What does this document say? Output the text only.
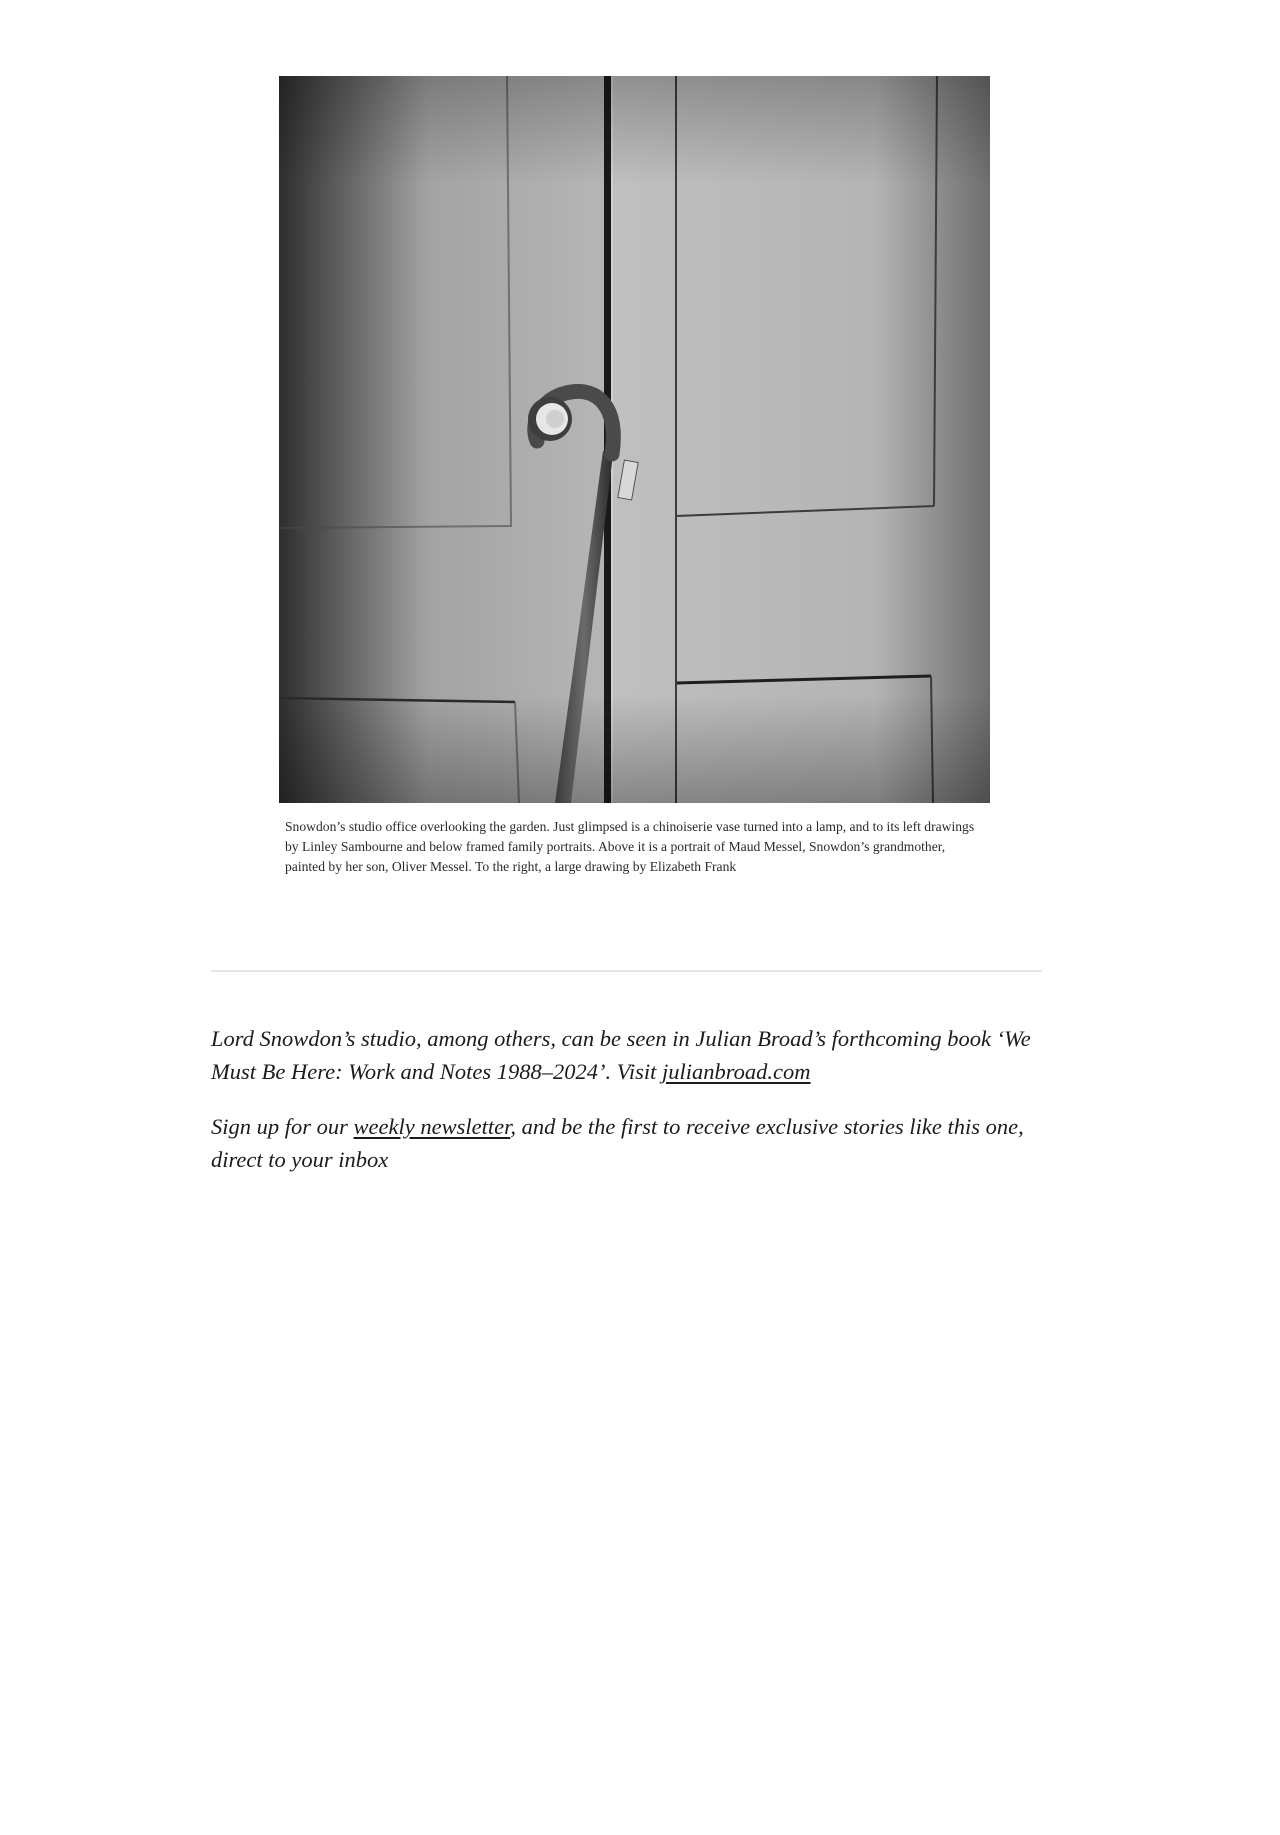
Snowdon’s studio office overlooking the garden. Just glimpsed is a chinoiserie vase turned into a lamp, and to its left drawings by Linley Sambourne and below framed family portraits. Above it is a portrait of Maud Messel, Snowdon’s grandmother, painted by her son, Oliver Messel. To the right, a large drawing by Elizabeth Frank

Lord Snowdon’s studio, among others, can be seen in Julian Broad’s forthcoming book ‘We Must Be Here: Work and Notes 1988–2024’. Visit julianbroad.com

Sign up for our weekly newsletter, and be the first to receive exclusive stories like this one, direct to your inbox
